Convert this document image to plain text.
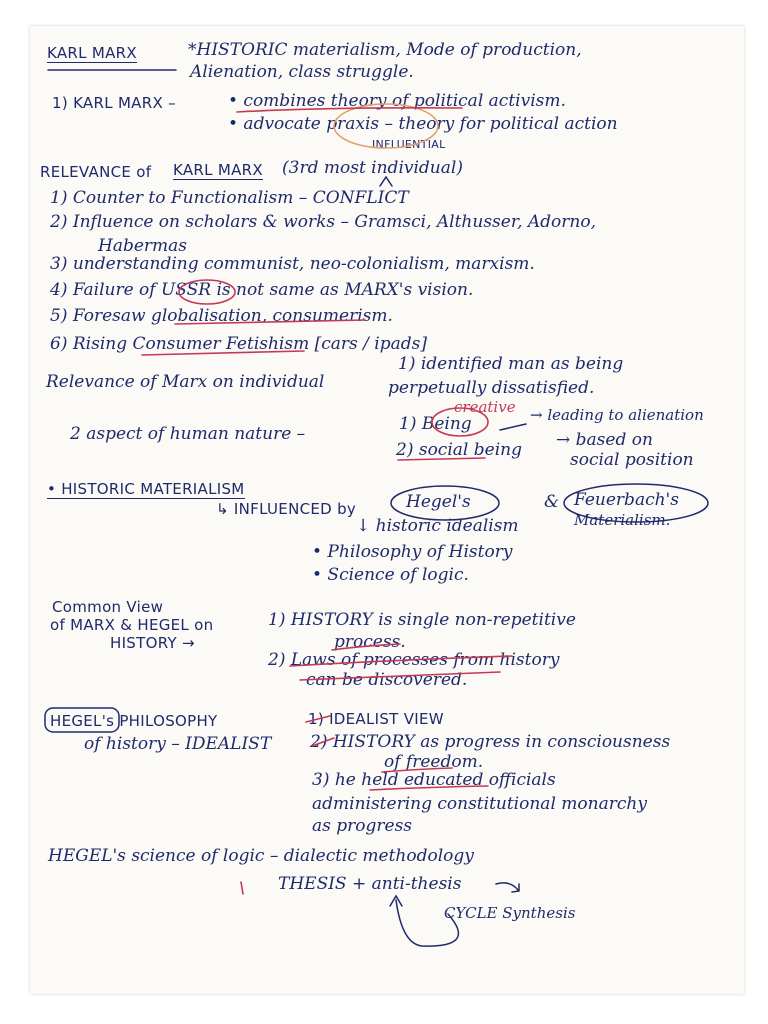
KARL MARX	*HISTORIC materialism, Mode of production,
Alienation, class struggle.
1) KARL MARX –	• combines theory of political activism.
• advocate praxis – theory for political action
RELEVANCE of KARL MARX (3rd most individual)
INFLUENTIAL
1) Counter to Functionalism – CONFLICT
2) Influence on scholars & works – Gramsci, Althusser, Adorno,
Habermas
3) understanding communist, neo-colonialism, marxism.
4) Failure of USSR is not same as MARX's vision.
5) Foresaw globalisation, consumerism.
6) Rising Consumer Fetishism [cars / ipads]
Relevance of Marx on individual
1) identified man as being
perpetually dissatisfied.
2 aspect of human nature –	1) Being
creative → leading to alienation
2) social being → based on
social position
• HISTORIC MATERIALISM
↳ INFLUENCED by	Hegel's	& Feuerbach's
Materialism.
↓ historic idealism
• Philosophy of History
• Science of logic.
Common View
of MARX & HEGEL on
HISTORY →
1) HISTORY is single non-repetitive
process.
2) Laws of processes from history
can be discovered.
HEGEL's PHILOSOPHY
of history – IDEALIST
1) IDEALIST VIEW
2) HISTORY as progress in consciousness
of freedom.
3) he held educated officials
administering constitutional monarchy
as progress
HEGEL's science of logic – dialectic methodology
THESIS + anti-thesis
CYCLE Synthesis
